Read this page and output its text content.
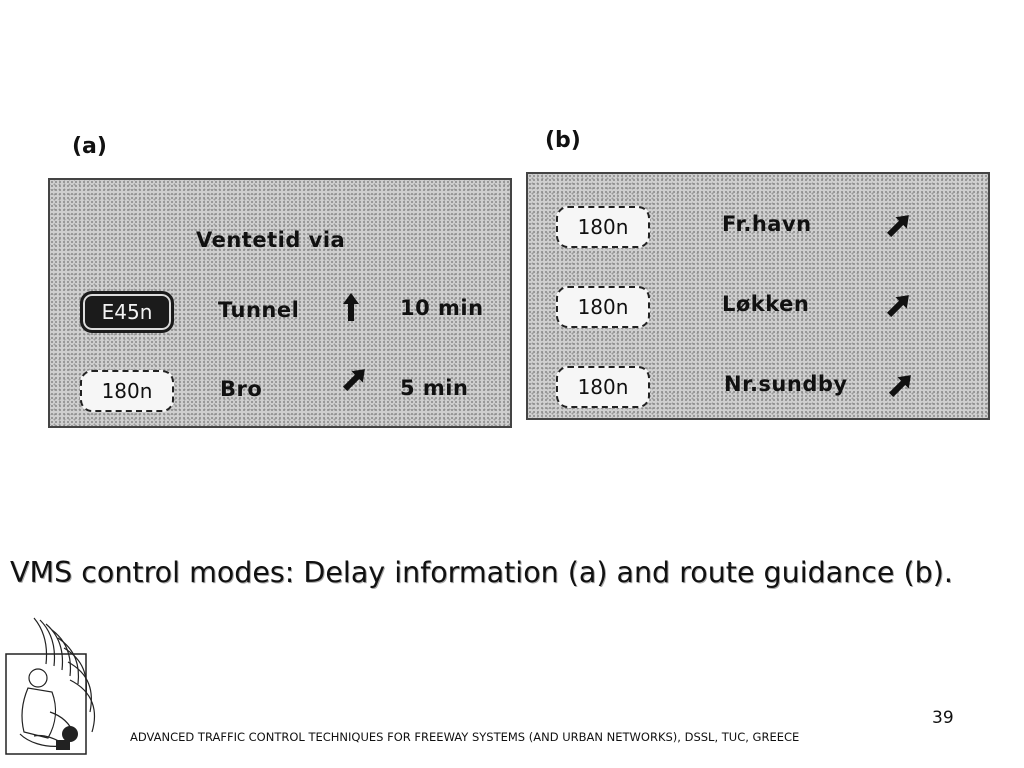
(a)
Ventetid via
E45n	Tunnel	10 min
180n	Bro	5 min
(b)
180n	Fr.havn
180n	Løkken
180n	Nr.sundby
VMS control modes: Delay information (a) and route guidance (b).
39
ADVANCED TRAFFIC CONTROL TECHNIQUES FOR FREEWAY SYSTEMS (AND URBAN NETWORKS), DSSL, TUC, GREECE
